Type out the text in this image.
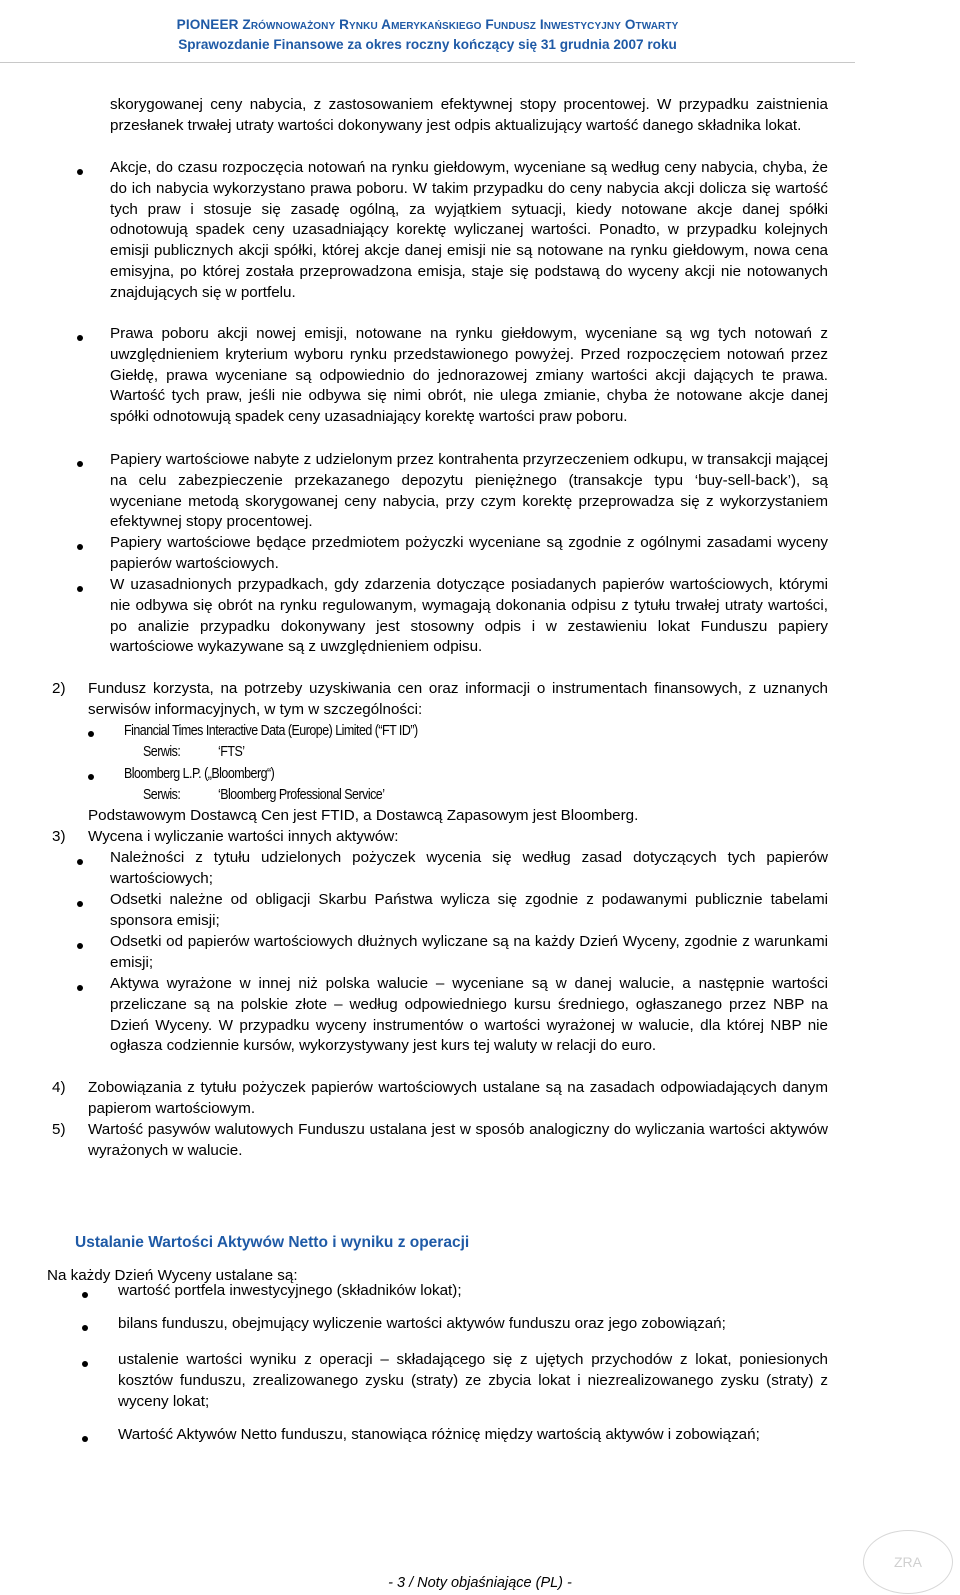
PIONEER Zrównoważony Rynku Amerykańskiego Fundusz Inwestycyjny Otwarty
Sprawozdanie Finansowe za okres roczny kończący się 31 grudnia 2007 roku
skorygowanej ceny nabycia, z zastosowaniem efektywnej stopy procentowej. W przypadku zaistnienia przesłanek trwałej utraty wartości dokonywany jest odpis aktualizujący wartość danego składnika lokat.
Akcje, do czasu rozpoczęcia notowań na rynku giełdowym, wyceniane są według ceny nabycia, chyba, że do ich nabycia wykorzystano prawa poboru. W takim przypadku do ceny nabycia akcji dolicza się wartość tych praw i stosuje się zasadę ogólną, za wyjątkiem sytuacji, kiedy notowane akcje danej spółki odnotowują spadek ceny uzasadniający korektę wyliczanej wartości. Ponadto, w przypadku kolejnych emisji publicznych akcji spółki, której akcje danej emisji nie są notowane na rynku giełdowym, nowa cena emisyjna, po której została przeprowadzona emisja, staje się podstawą do wyceny akcji nie notowanych znajdujących się w portfelu.
Prawa poboru akcji nowej emisji, notowane na rynku giełdowym, wyceniane są wg tych notowań z uwzględnieniem kryterium wyboru rynku przedstawionego powyżej. Przed rozpoczęciem notowań przez Giełdę, prawa wyceniane są odpowiednio do jednorazowej zmiany wartości akcji dających te prawa. Wartość tych praw, jeśli nie odbywa się nimi obrót, nie ulega zmianie, chyba że notowane akcje danej spółki odnotowują spadek ceny uzasadniający korektę wartości praw poboru.
Papiery wartościowe nabyte z udzielonym przez kontrahenta przyrzeczeniem odkupu, w transakcji mającej na celu zabezpieczenie przekazanego depozytu pieniężnego (transakcje typu ‘buy-sell-back’), są wyceniane metodą skorygowanej ceny nabycia, przy czym korektę przeprowadza się z wykorzystaniem efektywnej stopy procentowej.
Papiery wartościowe będące przedmiotem pożyczki wyceniane są zgodnie z ogólnymi zasadami wyceny papierów wartościowych.
W uzasadnionych przypadkach, gdy zdarzenia dotyczące posiadanych papierów wartościowych, którymi nie odbywa się obrót na rynku regulowanym, wymagają dokonania odpisu z tytułu trwałej utraty wartości, po analizie przypadku dokonywany jest stosowny odpis i w zestawieniu lokat Funduszu papiery wartościowe wykazywane są z uwzględnieniem odpisu.
2) Fundusz korzysta, na potrzeby uzyskiwania cen oraz informacji o instrumentach finansowych, z uznanych serwisów informacyjnych, w tym w szczególności:
Financial Times Interactive Data (Europe) Limited (“FT ID”)
Serwis:	‘FTS’
Bloomberg L.P. („Bloomberg“)
Serwis:	‘Bloomberg Professional Service’
Podstawowym Dostawcą Cen jest FTID, a Dostawcą Zapasowym jest Bloomberg.
3) Wycena i wyliczanie wartości innych aktywów:
Należności z tytułu udzielonych pożyczek wycenia się według zasad dotyczących tych papierów wartościowych;
Odsetki należne od obligacji Skarbu Państwa wylicza się zgodnie z podawanymi publicznie tabelami sponsora emisji;
Odsetki od papierów wartościowych dłużnych wyliczane są na każdy Dzień Wyceny, zgodnie z warunkami emisji;
Aktywa wyrażone w innej niż polska walucie – wyceniane są w danej walucie, a następnie wartości przeliczane są na polskie złote – według odpowiedniego kursu średniego, ogłaszanego przez NBP na Dzień Wyceny. W przypadku wyceny instrumentów o wartości wyrażonej w walucie, dla której NBP nie ogłasza codziennie kursów, wykorzystywany jest kurs tej waluty w relacji do euro.
4) Zobowiązania z tytułu pożyczek papierów wartościowych ustalane są na zasadach odpowiadających danym papierom wartościowym.
5) Wartość pasywów walutowych Funduszu ustalana jest w sposób analogiczny do wyliczania wartości aktywów wyrażonych w walucie.
Ustalanie Wartości Aktywów Netto i wyniku z operacji
Na każdy Dzień Wyceny ustalane są:
wartość portfela inwestycyjnego (składników lokat);
bilans funduszu, obejmujący wyliczenie wartości aktywów funduszu oraz jego zobowiązań;
ustalenie wartości wyniku z operacji – składającego się z ujętych przychodów z lokat, poniesionych kosztów funduszu, zrealizowanego zysku (straty) ze zbycia lokat i niezrealizowanego zysku (straty) z wyceny lokat;
Wartość Aktywów Netto funduszu, stanowiąca różnicę między wartością aktywów i zobowiązań;
- 3 / Noty objaśniające (PL) -
ZRA
